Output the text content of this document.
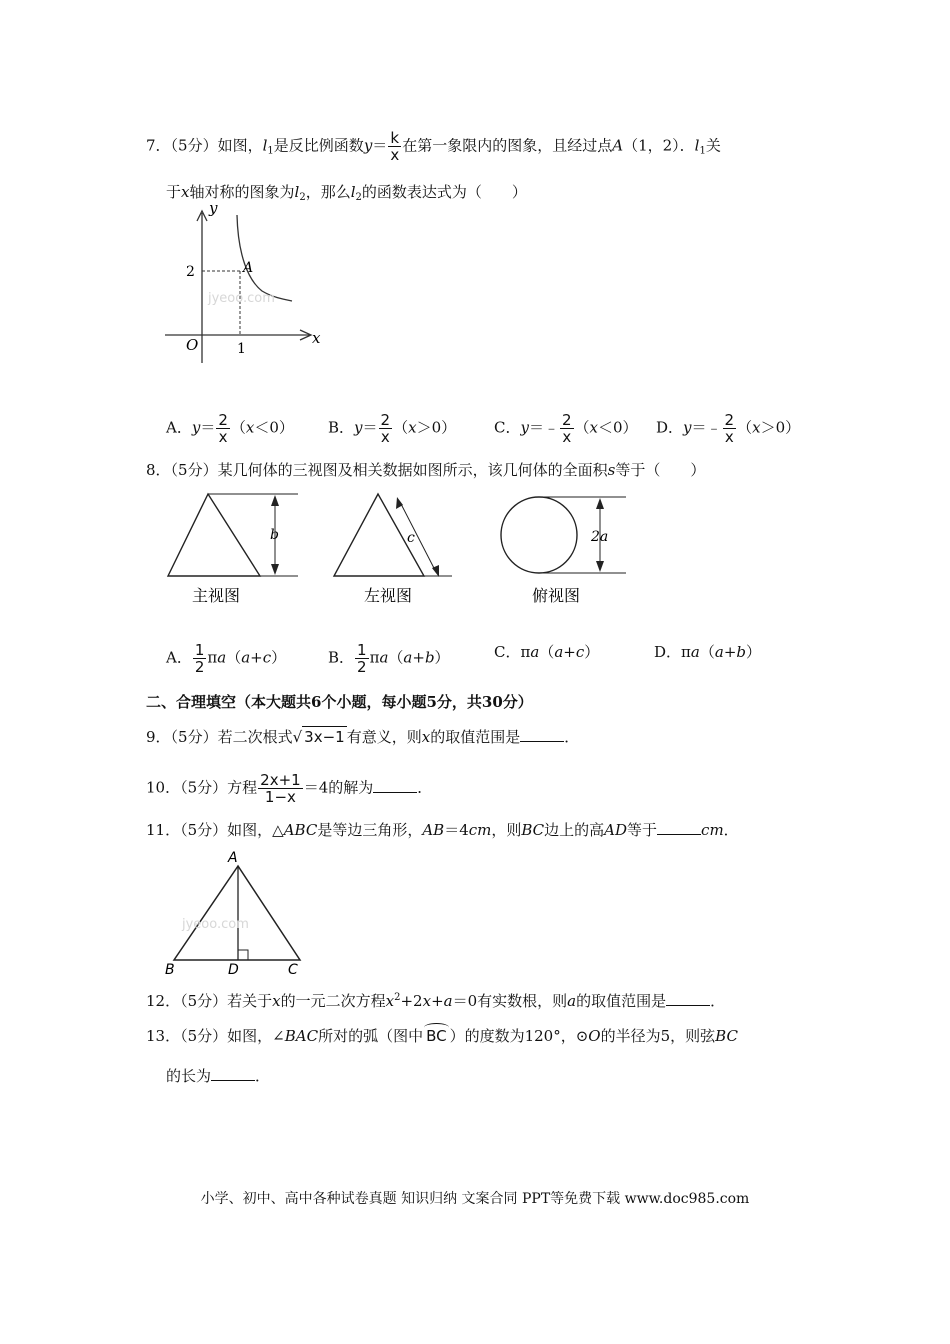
7．（5分）如图，$l_1$是反比例函数$y= \frac{k}{x}$ 在第一象限内的图象，且经过点A（1，2）．$l_1$关
于x轴对称的图象为$l_2$，那么$l_2$的函数表达式为（　　）
jyeoo.com
y
x
O
2
1
A
A．$y= \frac{2}{x} (x<0)$ B．$y= \frac{2}{x} (x>0)$	C．y＝﹣ $\frac{2}{x} (x<0)$ D．y＝﹣ $\frac{2}{x} (x>0)$
8．（5分）某几何体的三视图及相关数据如图所示，该几何体的全面积s等于（　　）
b
主视图
c
左视图
2a
俯视图
A． $\frac{1}{2} \pi a(a+c)$	B． $\frac{1}{2} \pi a(a+b)$	C．πa（a+c）	D．πa（a+b）
二、合理填空（本大题共6个小题，每小题5分，共30分）
9．（5分）若二次根式√ 3x−1 有意义，则x的取值范围是	．
10．（5分）方程 $\frac{2x+1}{1-x} =4$的解为	．
11．（5分）如图，△ABC是等边三角形，AB＝4cm，则BC边上的高AD等于	cm．
jyeoo.com
A
B	D	C
12．（5分）若关于x的一元二次方程$x^2+2x+a=0$有实数根，则a的取值范围是	．
13．（5分）如图，∠BAC所对的弧（图中 BC ）的度数为120°，⊙O的半径为5，则弦BC
的长为	．
小学、初中、高中各种试卷真题 知识归纳 文案合同 PPT等免费下载 www.doc985.com
